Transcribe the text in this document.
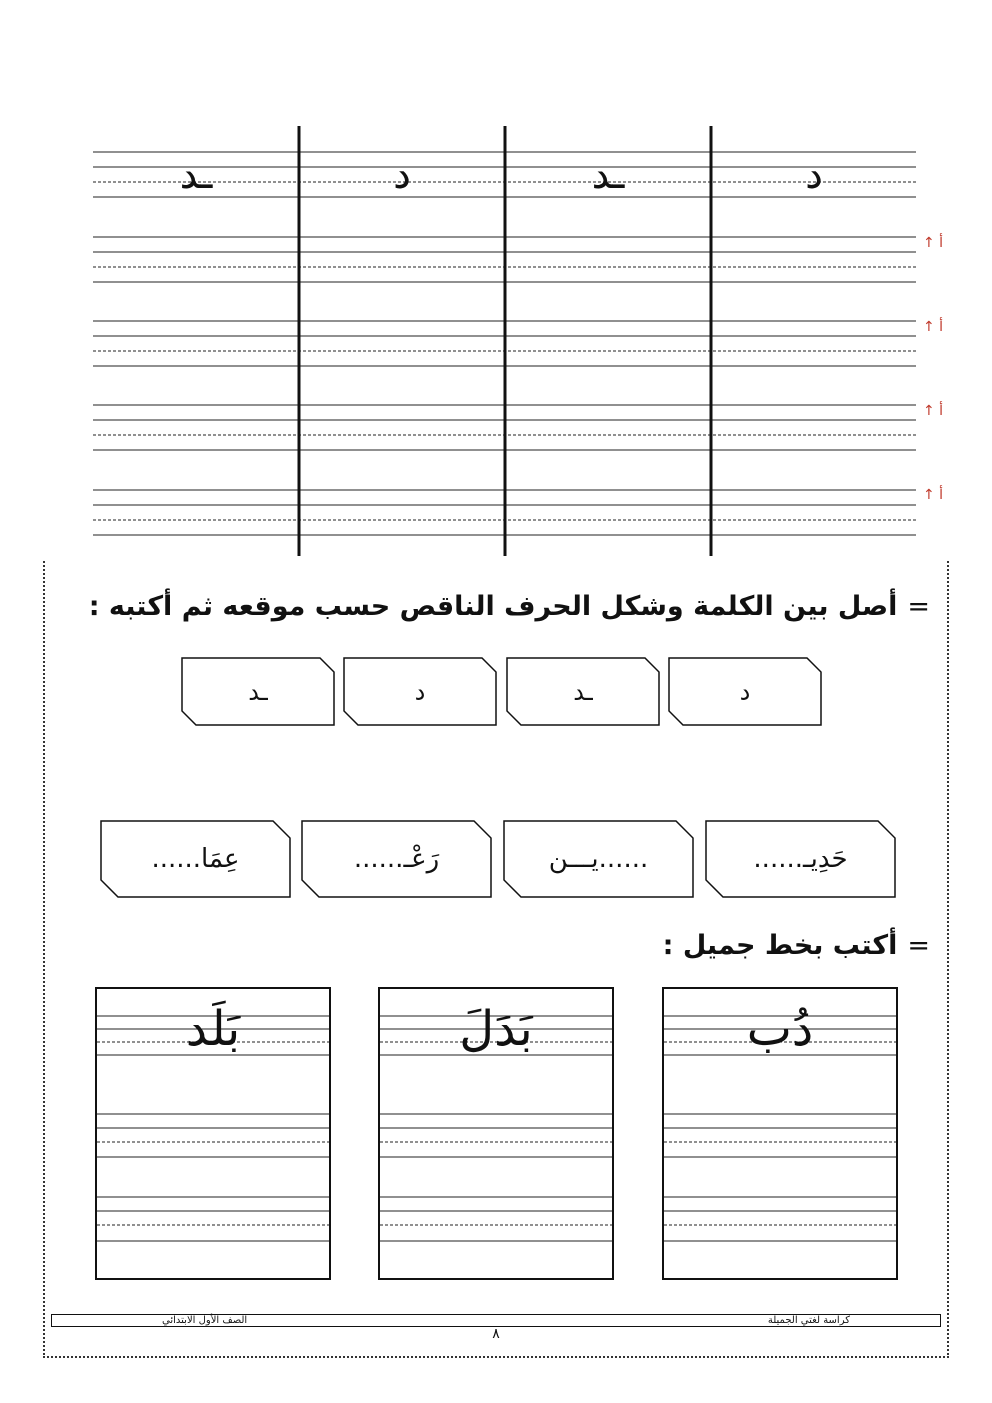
=أكتب أشكال الحرف حسب موقعه في الكلمة :
د
ـد
د
ـد
↑ أ
↑ أ
↑ أ
↑ أ
=أصل بين الكلمة وشكل الحرف الناقص حسب موقعه ثم أكتبه :
د
ـد
د
ـد
حَدِيـ......
......يـــن
رَعْـ......
عِمَا......
=أكتب بخط جميل :
دُب
بَدَلَ
بَلَد
كراسة لغتي الجميلة
الصف الأول الابتدائي
٨
